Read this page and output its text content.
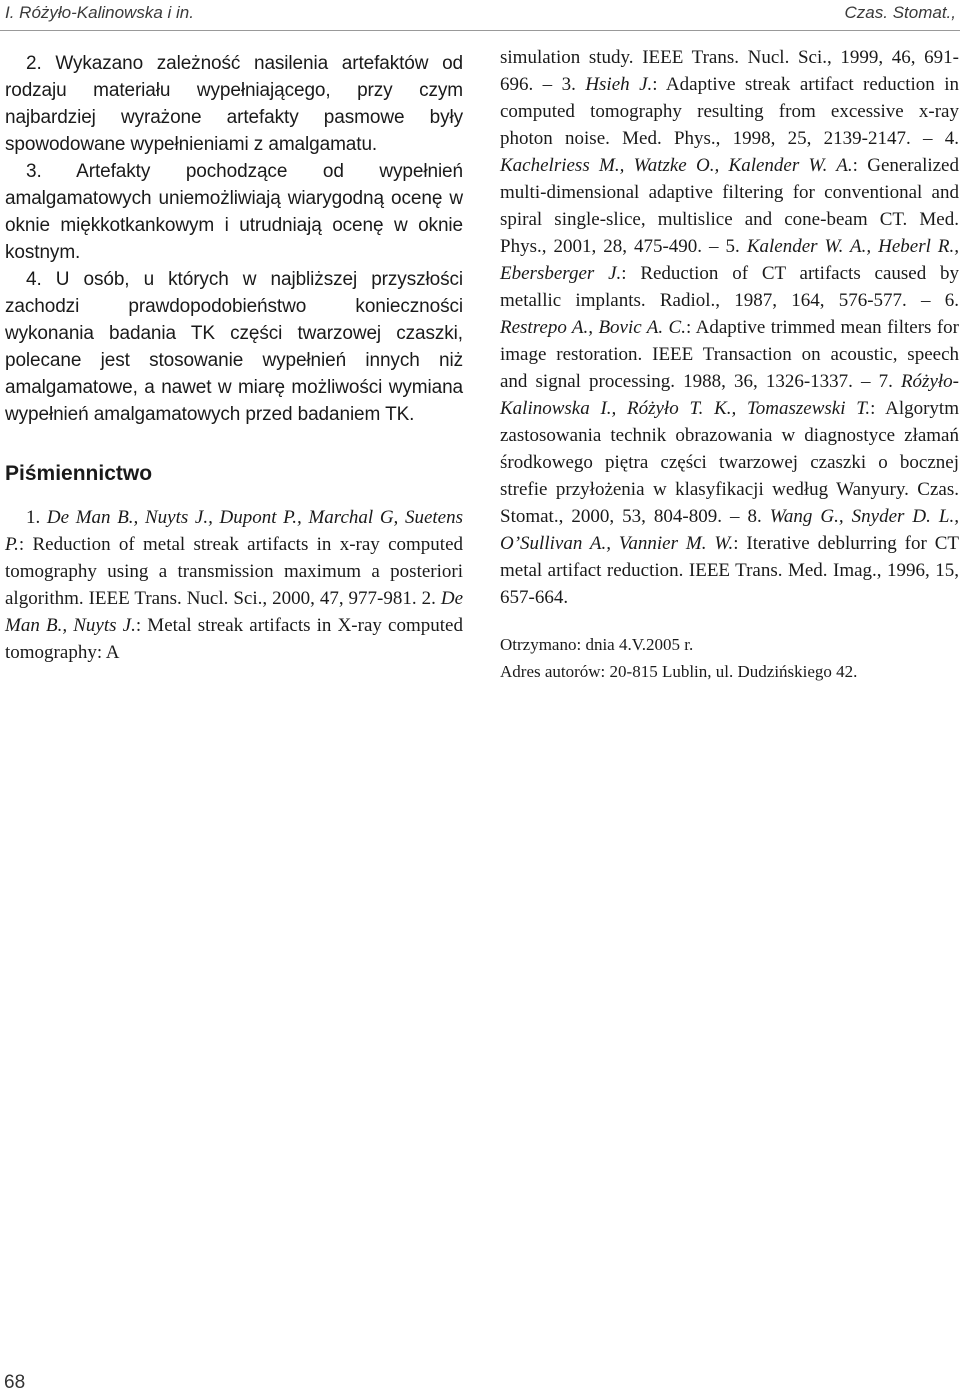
I. Różyło-Kalinowska i in.	Czas. Stomat.,

2. Wykazano zależność nasilenia artefaktów od rodzaju materiału wypełniającego, przy czym najbardziej wyrażone artefakty pasmowe były spowodowane wypełnieniami z amalgamatu.

3. Artefakty pochodzące od wypełnień amalgamatowych uniemożliwiają wiarygodną ocenę w oknie miękkotkankowym i utrudniają ocenę w oknie kostnym.

4. U osób, u których w najbliższej przyszłości zachodzi prawdopodobieństwo konieczności wykonania badania TK części twarzowej czaszki, polecane jest stosowanie wypełnień innych niż amalgamatowe, a nawet w miarę możliwości wymiana wypełnień amalgamatowych przed badaniem TK.

Piśmiennictwo

1. De Man B., Nuyts J., Dupont P., Marchal G, Suetens P.: Reduction of metal streak artifacts in x-ray computed tomography using a transmission maximum a posteriori algorithm. IEEE Trans. Nucl. Sci., 2000, 47, 977-981. 2. De Man B., Nuyts J.: Metal streak artifacts in X-ray computed tomography: A

simulation study. IEEE Trans. Nucl. Sci., 1999, 46, 691-696. – 3. Hsieh J.: Adaptive streak artifact reduction in computed tomography resulting from excessive x-ray photon noise. Med. Phys., 1998, 25, 2139-2147. – 4. Kachelriess M., Watzke O., Kalender W. A.: Generalized multi-dimensional adaptive filtering for conventional and spiral single-slice, multislice and cone-beam CT. Med. Phys., 2001, 28, 475-490. – 5. Kalender W. A., Heberl R., Ebersberger J.: Reduction of CT artifacts caused by metallic implants. Radiol., 1987, 164, 576-577. – 6. Restrepo A., Bovic A. C.: Adaptive trimmed mean filters for image restoration. IEEE Transaction on acoustic, speech and signal processing. 1988, 36, 1326-1337. – 7. Różyło-Kalinowska I., Różyło T. K., Tomaszewski T.: Algorytm zastosowania technik obrazowania w diagnostyce złamań środkowego piętra części twarzowej czaszki o bocznej strefie przyłożenia w klasyfikacji według Wanyury. Czas. Stomat., 2000, 53, 804-809. – 8. Wang G., Snyder D. L., O’Sullivan A., Vannier M. W.: Iterative deblurring for CT metal artifact reduction. IEEE Trans. Med. Imag., 1996, 15, 657-664.

Otrzymano: dnia 4.V.2005 r.

Adres autorów: 20-815 Lublin, ul. Dudzińskiego 42.

68
